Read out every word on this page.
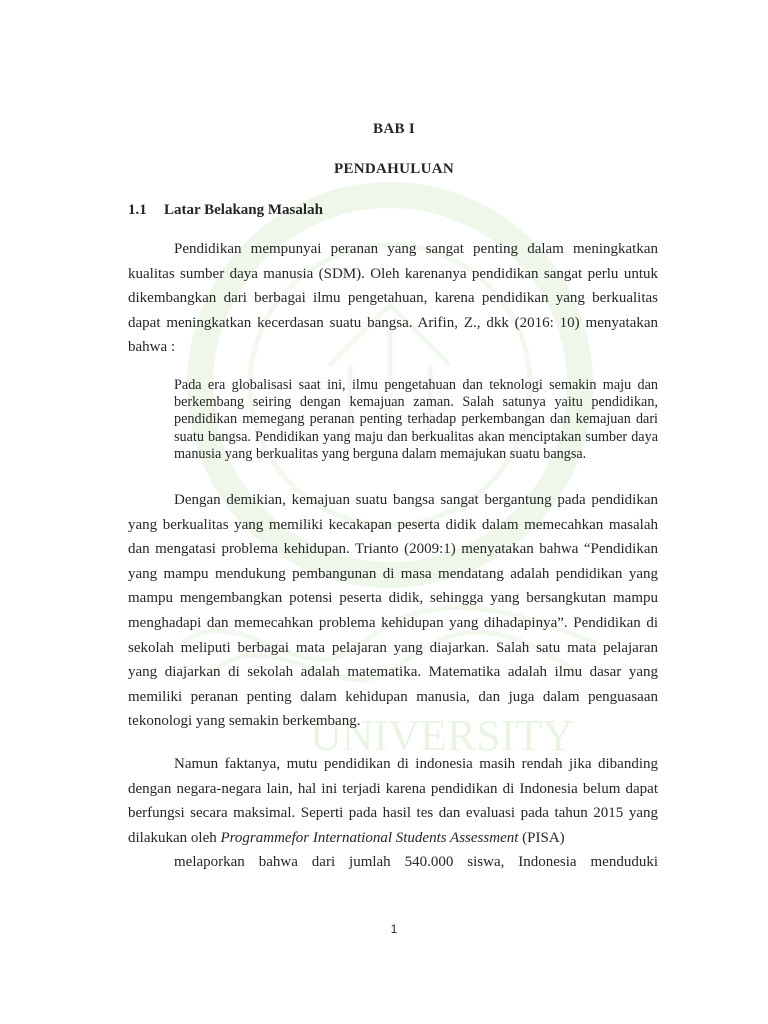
UNIVERSITY
BAB I
PENDAHULUAN
1.1 Latar Belakang Masalah

Pendidikan mempunyai peranan yang sangat penting dalam meningkatkan kualitas sumber daya manusia (SDM). Oleh karenanya pendidikan sangat perlu untuk dikembangkan dari berbagai ilmu pengetahuan, karena pendidikan yang berkualitas dapat meningkatkan kecerdasan suatu bangsa. Arifin, Z., dkk (2016: 10) menyatakan bahwa :

Pada era globalisasi saat ini, ilmu pengetahuan dan teknologi semakin maju dan berkembang seiring dengan kemajuan zaman. Salah satunya yaitu pendidikan, pendidikan memegang peranan penting terhadap perkembangan dan kemajuan dari suatu bangsa. Pendidikan yang maju dan berkualitas akan menciptakan sumber daya manusia yang berkualitas yang berguna dalam memajukan suatu bangsa.

Dengan demikian, kemajuan suatu bangsa sangat bergantung pada pendidikan yang berkualitas yang memiliki kecakapan peserta didik dalam memecahkan masalah dan mengatasi problema kehidupan. Trianto (2009:1) menyatakan bahwa “Pendidikan yang mampu mendukung pembangunan di masa mendatang adalah pendidikan yang mampu mengembangkan potensi peserta didik, sehingga yang bersangkutan mampu menghadapi dan memecahkan problema kehidupan yang dihadapinya”. Pendidikan di sekolah meliputi berbagai mata pelajaran yang diajarkan. Salah satu mata pelajaran yang diajarkan di sekolah adalah matematika. Matematika adalah ilmu dasar yang memiliki peranan penting dalam kehidupan manusia, dan juga dalam penguasaan tekonologi yang semakin berkembang.

Namun faktanya, mutu pendidikan di indonesia masih rendah jika dibanding dengan negara-negara lain, hal ini terjadi karena pendidikan di Indonesia belum dapat berfungsi secara maksimal. Seperti pada hasil tes dan evaluasi pada tahun 2015 yang dilakukan oleh Programmefor International Students Assessment (PISA)
melaporkan bahwa dari jumlah 540.000 siswa, Indonesia menduduki

1
